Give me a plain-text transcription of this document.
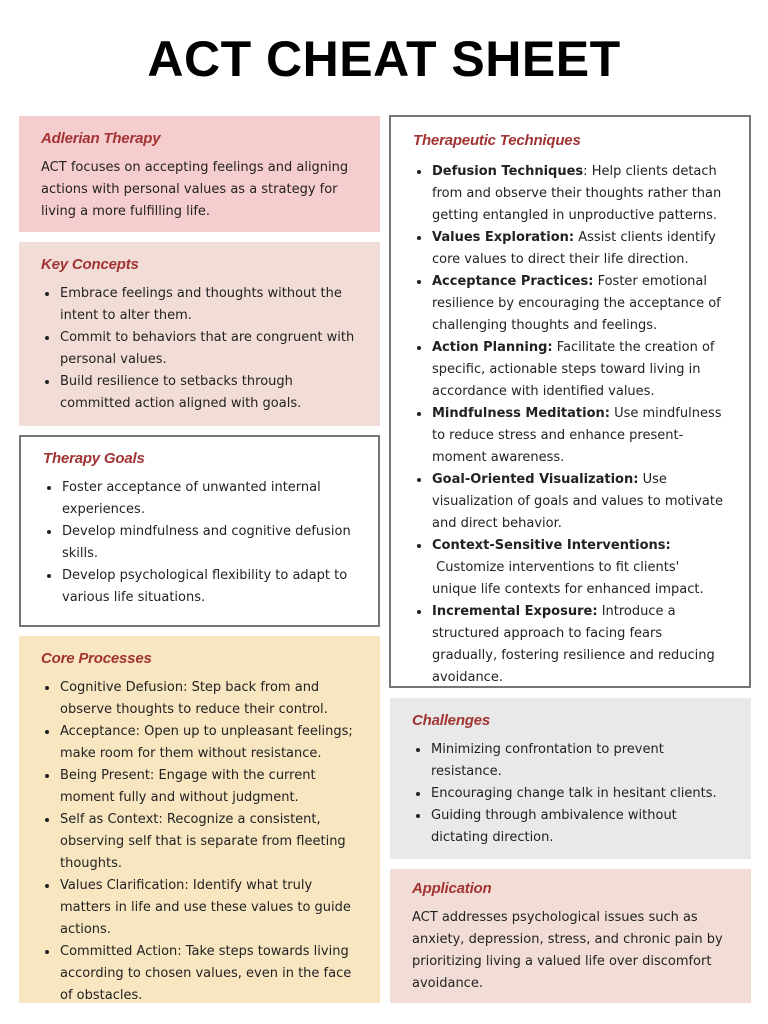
ACT CHEAT SHEET
Adlerian Therapy

ACT focuses on accepting feelings and aligning actions with personal values as a strategy for living a more fulfilling life.

Key Concepts
• Embrace feelings and thoughts without the intent to alter them.
• Commit to behaviors that are congruent with personal values.
• Build resilience to setbacks through committed action aligned with goals.
Therapy Goals
• Foster acceptance of unwanted internal experiences.
• Develop mindfulness and cognitive defusion skills.
• Develop psychological flexibility to adapt to various life situations.
Core Processes
• Cognitive Defusion: Step back from and observe thoughts to reduce their control.
• Acceptance: Open up to unpleasant feelings; make room for them without resistance.
• Being Present: Engage with the current moment fully and without judgment.
• Self as Context: Recognize a consistent, observing self that is separate from fleeting thoughts.
• Values Clarification: Identify what truly matters in life and use these values to guide actions.
• Committed Action: Take steps towards living according to chosen values, even in the face of obstacles.
Therapeutic Techniques
• Defusion Techniques: Help clients detach from and observe their thoughts rather than getting entangled in unproductive patterns.
• Values Exploration: Assist clients identify core values to direct their life direction.
• Acceptance Practices: Foster emotional resilience by encouraging the acceptance of challenging thoughts and feelings.
• Action Planning: Facilitate the creation of specific, actionable steps toward living in accordance with identified values.
• Mindfulness Meditation: Use mindfulness to reduce stress and enhance present-moment awareness.
• Goal-Oriented Visualization: Use visualization of goals and values to motivate and direct behavior.
• Context-Sensitive Interventions: Customize interventions to fit clients' unique life contexts for enhanced impact.
• Incremental Exposure: Introduce a structured approach to facing fears gradually, fostering resilience and reducing avoidance.
Challenges
• Minimizing confrontation to prevent resistance.
• Encouraging change talk in hesitant clients.
• Guiding through ambivalence without dictating direction.
Application

ACT addresses psychological issues such as anxiety, depression, stress, and chronic pain by prioritizing living a valued life over discomfort avoidance.
